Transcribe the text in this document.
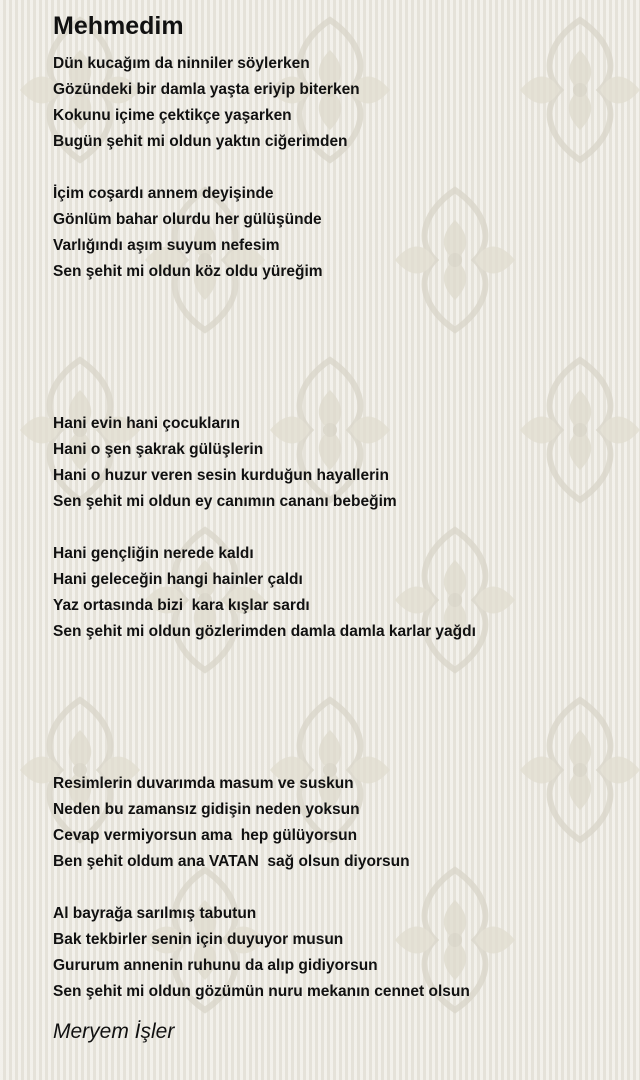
Mehmedim
Dün kucağım da ninniler söylerken
Gözündeki bir damla yaşta eriyip biterken
Kokunu içime çektikçe yaşarken
Bugün şehit mi oldun yaktın ciğerimden
İçim coşardı annem deyişinde
Gönlüm bahar olurdu her gülüşünde
Varlığındı aşım suyum nefesim
Sen şehit mi oldun köz oldu yüreğim
Hani evin hani çocukların
Hani o şen şakrak gülüşlerin
Hani o huzur veren sesin kurduğun hayallerin
Sen şehit mi oldun ey canımın cananı bebeğim
Hani gençliğin nerede kaldı
Hani geleceğin hangi hainler çaldı
Yaz ortasında bizi  kara kışlar sardı
Sen şehit mi oldun gözlerimden damla damla karlar yağdı
Resimlerin duvarımda masum ve suskun
Neden bu zamansız gidişin neden yoksun
Cevap vermiyorsun ama  hep gülüyorsun
Ben şehit oldum ana VATAN  sağ olsun diyorsun
Al bayrağa sarılmış tabutun
Bak tekbirler senin için duyuyor musun
Gururum annenin ruhunu da alıp gidiyorsun
Sen şehit mi oldun gözümün nuru mekanın cennet olsun

Meryem İşler
